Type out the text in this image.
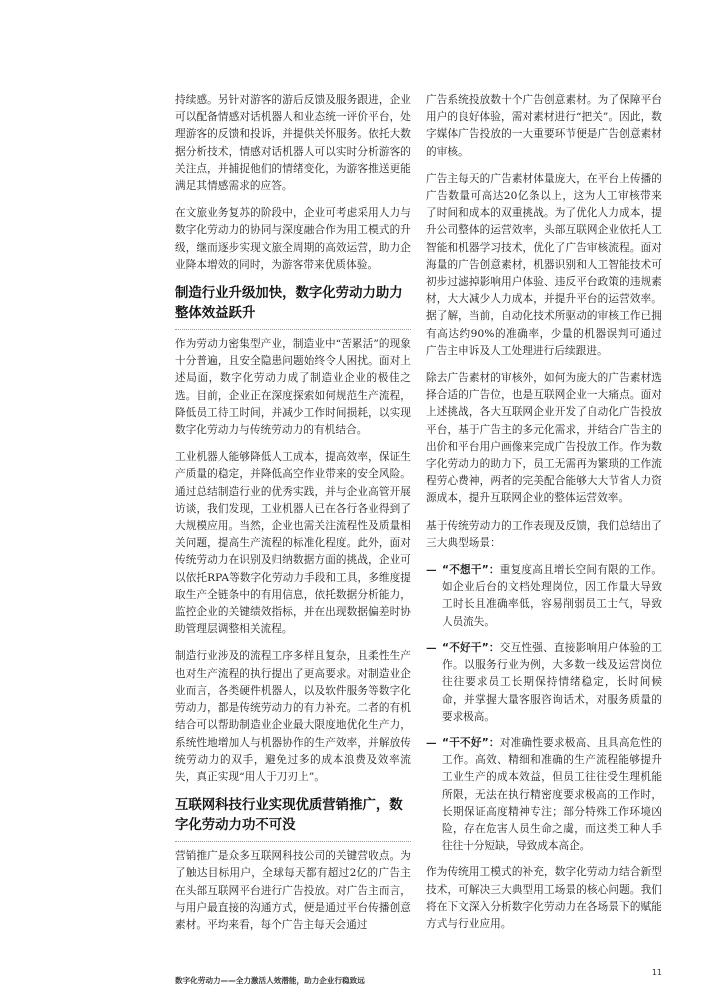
持续感。另针对游客的游后反馈及服务跟进，企业可以配备情感对话机器人和业态统一评价平台，处理游客的反馈和投诉，并提供关怀服务。依托大数据分析技术，情感对话机器人可以实时分析游客的关注点，并捕捉他们的情绪变化，为游客推送更能满足其情感需求的应答。

在文旅业务复苏的阶段中，企业可考虑采用人力与数字化劳动力的协同与深度融合作为用工模式的升级，继而逐步实现文旅全周期的高效运营，助力企业降本增效的同时，为游客带来优质体验。

制造行业升级加快，数字化劳动力助力整体效益跃升

作为劳动力密集型产业，制造业中“苦累活”的现象十分普遍，且安全隐患问题始终令人困扰。面对上述局面，数字化劳动力成了制造业企业的极佳之选。目前，企业正在深度探索如何规范生产流程，降低员工待工时间，并减少工作时间损耗，以实现数字化劳动力与传统劳动力的有机结合。

工业机器人能够降低人工成本，提高效率，保证生产质量的稳定，并降低高空作业带来的安全风险。通过总结制造行业的优秀实践，并与企业高管开展访谈，我们发现，工业机器人已在各行各业得到了大规模应用。当然，企业也需关注流程性及质量相关问题，提高生产流程的标准化程度。此外，面对传统劳动力在识别及归纳数据方面的挑战，企业可以依托RPA等数字化劳动力手段和工具，多维度提取生产全链条中的有用信息，依托数据分析能力，监控企业的关键绩效指标，并在出现数据偏差时协助管理层调整相关流程。

制造行业涉及的流程工序多样且复杂，且柔性生产也对生产流程的执行提出了更高要求。对制造业企业而言，各类硬件机器人，以及软件服务等数字化劳动力，都是传统劳动力的有力补充。二者的有机结合可以帮助制造业企业最大限度地优化生产力，系统性地增加人与机器协作的生产效率，并解放传统劳动力的双手，避免过多的成本浪费及效率流失，真正实现“用人于刀刃上”。

互联网科技行业实现优质营销推广，数字化劳动力功不可没

营销推广是众多互联网科技公司的关键营收点。为了触达目标用户，全球每天都有超过2亿的广告主在头部互联网平台进行广告投放。对广告主而言，与用户最直接的沟通方式，便是通过平台传播创意素材。平均来看，每个广告主每天会通过

广告系统投放数十个广告创意素材。为了保障平台用户的良好体验，需对素材进行“把关”。因此，数字媒体广告投放的一大重要环节便是广告创意素材的审核。

广告主每天的广告素材体量庞大，在平台上传播的广告数量可高达20亿条以上，这为人工审核带来了时间和成本的双重挑战。为了优化人力成本，提升公司整体的运营效率，头部互联网企业依托人工智能和机器学习技术，优化了广告审核流程。面对海量的广告创意素材，机器识别和人工智能技术可初步过滤掉影响用户体验、违反平台政策的违规素材，大大减少人力成本，并提升平台的运营效率。据了解，当前，自动化技术所驱动的审核工作已拥有高达约90%的准确率，少量的机器误判可通过广告主申诉及人工处理进行后续跟进。

除去广告素材的审核外，如何为庞大的广告素材选择合适的广告位，也是互联网企业一大痛点。面对上述挑战，各大互联网企业开发了自动化广告投放平台，基于广告主的多元化需求，并结合广告主的出价和平台用户画像来完成广告投放工作。作为数字化劳动力的助力下，员工无需再为繁琐的工作流程劳心费神，两者的完美配合能够大大节省人力资源成本，提升互联网企业的整体运营效率。

基于传统劳动力的工作表现及反馈，我们总结出了三大典型场景：

— “不想干”：重复度高且增长空间有限的工作。如企业后台的文档处理岗位，因工作量大导致工时长且准确率低，容易削弱员工士气，导致人员流失。
— “不好干”：交互性强、直接影响用户体验的工作。以服务行业为例，大多数一线及运营岗位往往要求员工长期保持情绪稳定，长时间候命，并掌握大量客服咨询话术，对服务质量的要求极高。
— “干不好”：对准确性要求极高、且具高危性的工作。高效、精细和准确的生产流程能够提升工业生产的成本效益，但员工往往受生理机能所限，无法在执行精密度要求极高的工作时，长期保证高度精神专注；部分特殊工作环境凶险，存在危害人员生命之虞，而这类工种人手往往十分短缺，导致成本高企。

作为传统用工模式的补充，数字化劳动力结合新型技术，可解决三大典型用工场景的核心问题。我们将在下文深入分析数字化劳动力在各场景下的赋能方式与行业应用。

数字化劳动力——全力激活人效潜能，助力企业行稳致远
11
